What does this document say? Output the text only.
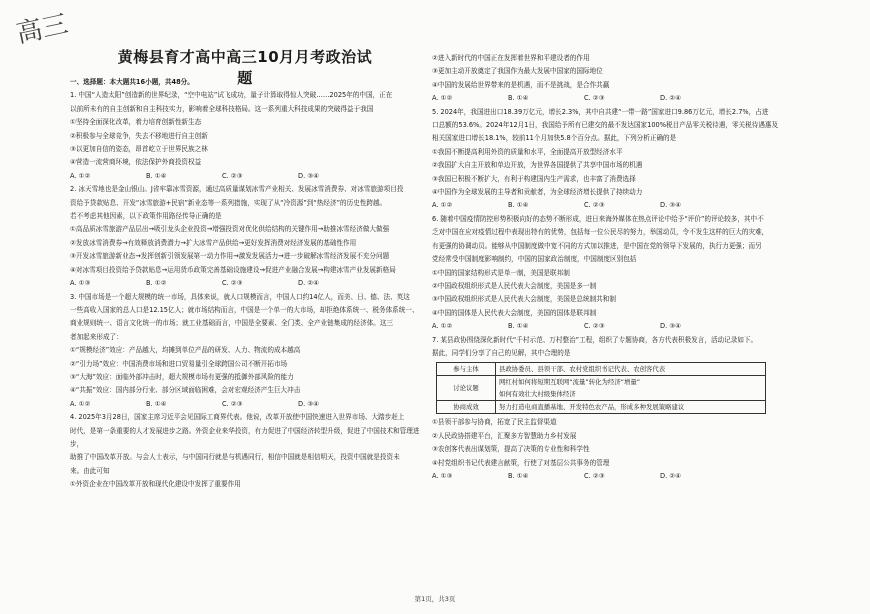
高三
黄梅县育才高中高三10月月考政治试题

一、选择题：本大题共16小题，共48分。

1. 中国“人造太阳”创造新的世界纪录，“空中电站”试飞成功，量子计算取得惊人突破……2025年的中国，正在

以前所未有的自主创新和自主科技实力，影响着全球科技格局。这一系列重大科技成果的突破得益于我国

①坚持全面深化改革，着力培育创新性新生态

②积极参与全球竞争，失去不移地进行自主创新

③以更加自信的姿态，昂首屹立于世界民族之林

④营造一流营商环境，依法保护外商投资权益

A. ①②	B. ①④	C. ②③	D. ③④

2. 冰天雪地也是金山银山。J省牢靠冰雪资源，通过高质量谋划冰雪产业相关、发展冰雪消费券、对冰雪旅游项目投

资给予贷款贴息、开发“冰雪旅游+民宿”新业态等一系列措施，实现了从“冷资源”到“热经济”的历史性跨越。

若不考虑其他因素，以下政策作用路径传导正确的是

①高品质冰雪旅游产品层出→吸引龙头企业投资→增强投资对优化供给结构的关键作用→助推冰雪经济做大做强

②发放冰雪消费券→有效释放消费潜力→扩大冰雪产品供给→更好发挥消费对经济发展的基础性作用

③开发冰雪旅游新业态→发挥创新引领发展第一动力作用→激发发展活力→进一步破解冰雪经济发展不充分问题

④对冰雪项目投资给予贷款贴息→运用货币政策完善基础设施建设→促进产业融合发展→构建冰雪产业发展新格局

A. ①③	B. ①②	C. ②③	D. ②④

3. 中国市场是一个超大规模的统一市场，具体来说，就人口规模而言，中国人口约14亿人，而美、日、德、法、英这

一些高收入国家的总人口是12.15亿人；就市场结构而言，中国是一个单一的大市场，却拒绝体系统一、税务体系统一、

商业规则统一、语言文化统一的市场；就工业基础而言，中国是全要素、全门类、全产业链集成的经济体。这三

者加起来形成了：

①“规模经济”效应：产品越大，均摊到单位产品的研发、人力、物流的成本越高

②“引力场”效应：中国消费市场和进口贸易量引全球跨国公司不断开拓市场

③“大海”效应：面临外部冲击时，超大规模市场有更强的抵御外部风险的能力

④“共振”效应：国内部分行业、部分区域面临困难，会对宏观经济产生巨大冲击

A. ①②	B. ①④	C. ②③	D. ③④

4. 2025年3月28日，国家主席习近平会见国际工商界代表。他说，改革开放使中国快速进入世界市场、大踏步赶上

时代，是第一条重要的人才发展进步之路。外资企业来华投资，有力促进了中国经济转型升级，促进了中国技术和管理进步，

助推了中国改革开放。与会人士表示，与中国同行就是与机遇同行，相信中国就是相信明天，投资中国就是投资未

来。由此可知

①外资企业在中国改革开放和现代化建设中发挥了重要作用

②进入新时代的中国正在发挥着世界和平建设者的作用

③更加主动开放奠定了我国作为最大发展中国家的国际地位

④中国的发展给世界带来的是机遇，而不是挑战，是合作共赢

A. ①②	B. ①④	C. ②③	D. ②④

5. 2024年，我国进出口18.39万亿元，增长2.3%，其中自共建“一带一路”国家进口9.86万亿元，增长2.7%，占进

口总额的53.6%。2024年12月1日，我国给予所有已建交的最不发达国家100%税目产品零关税待遇，零关税待遇惠及

相关国家进口增长18.1%，较前11个月加快5.8个百分点。据此，下列分析正确的是

①我国不断提高利用外资的质量和水平，全面提高开放型经济水平

②我国扩大自主开放和单边开放，为世界各国提供了共享中国市场的机遇

③我国已积极不断扩大，有利于构建国内生产需求，也丰富了消费选择

④中国作为全球发展的主导者和贡献者，为全球经济增长提供了持续动力

A. ①②	B. ①④	C. ②③	D. ③④

6. 随着中国疫情防控形势积极向好的态势不断形成，进日来海外媒体在热点评论中给予“评价”的评论较多，其中不

乏对中国在应对疫情过程中表现出特有的优势，包括每一位公民尽的努力，举国动员，令不发生这样的巨大的灾难，

有更强的协调动员。能够从中国制度做中宽不同的方式加以推进，是中国在党的领导下发展的，执行力更强；而另

党经常受中国制度影响制约，中国的国家政治制度，中国制度区别包括

①中国的国家结构形式是单一制，美国是联邦制

②中国政权组织形式是人民代表大会制度，美国是多一制

③中国政权组织形式是人民代表大会制度，美国是总统制共和制

④中国的国体是人民代表大会制度，美国的国体是联邦制

A. ①②	B. ①④	C. ②③	D. ③④

7. 某县政协围绕深化新时代“千村示范、万村整治”工程，组织了专题协商，各方代表积极发言，活动记录如下。

据此，同学们分享了自己的见解，其中合理的是

参与主体	县政协委员、县领干部、农村党组织书记代表、农创客代表
讨论议题	网红村如何将短期互联网“流量”转化为经济“增量”
如何有效壮大村级集体经济
协商成效	努力打造电商直播基地、开发特色农产品，形成多种发展策略建议

①县领干部参与协商，拓宽了民主监督渠道

②人民政协搭建平台，汇聚多方智慧助力乡村发展

③农创客代表出谋划策，提高了决策的专业性和科学性

④村党组织书记代表建言献策，行使了对基层公共事务的管理

A. ①③	B. ①④	C. ②③	D. ②④
第1页，共3页
